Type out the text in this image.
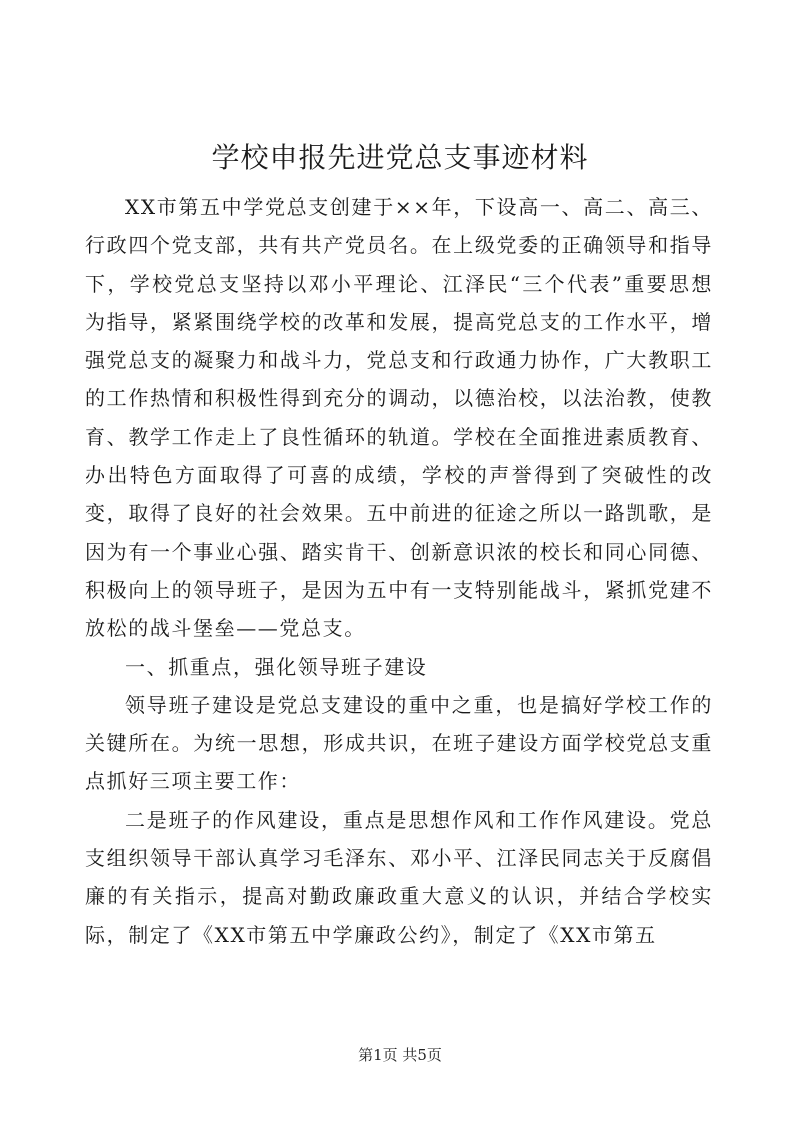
学校申报先进党总支事迹材料

XX市第五中学党总支创建于××年，下设高一、高二、高三、行政四个党支部，共有共产党员名。在上级党委的正确领导和指导下，学校党总支坚持以邓小平理论、江泽民“三个代表”重要思想为指导，紧紧围绕学校的改革和发展，提高党总支的工作水平，增强党总支的凝聚力和战斗力，党总支和行政通力协作，广大教职工的工作热情和积极性得到充分的调动，以德治校，以法治教，使教育、教学工作走上了良性循环的轨道。学校在全面推进素质教育、办出特色方面取得了可喜的成绩，学校的声誉得到了突破性的改变，取得了良好的社会效果。五中前进的征途之所以一路凯歌，是因为有一个事业心强、踏实肯干、创新意识浓的校长和同心同德、积极向上的领导班子，是因为五中有一支特别能战斗，紧抓党建不放松的战斗堡垒——党总支。

一、抓重点，强化领导班子建设

领导班子建设是党总支建设的重中之重，也是搞好学校工作的关键所在。为统一思想，形成共识，在班子建设方面学校党总支重点抓好三项主要工作：

二是班子的作风建设，重点是思想作风和工作作风建设。党总支组织领导干部认真学习毛泽东、邓小平、江泽民同志关于反腐倡廉的有关指示，提高对勤政廉政重大意义的认识，并结合学校实际，制定了《XX市第五中学廉政公约》，制定了《XX市第五

第1页 共5页
